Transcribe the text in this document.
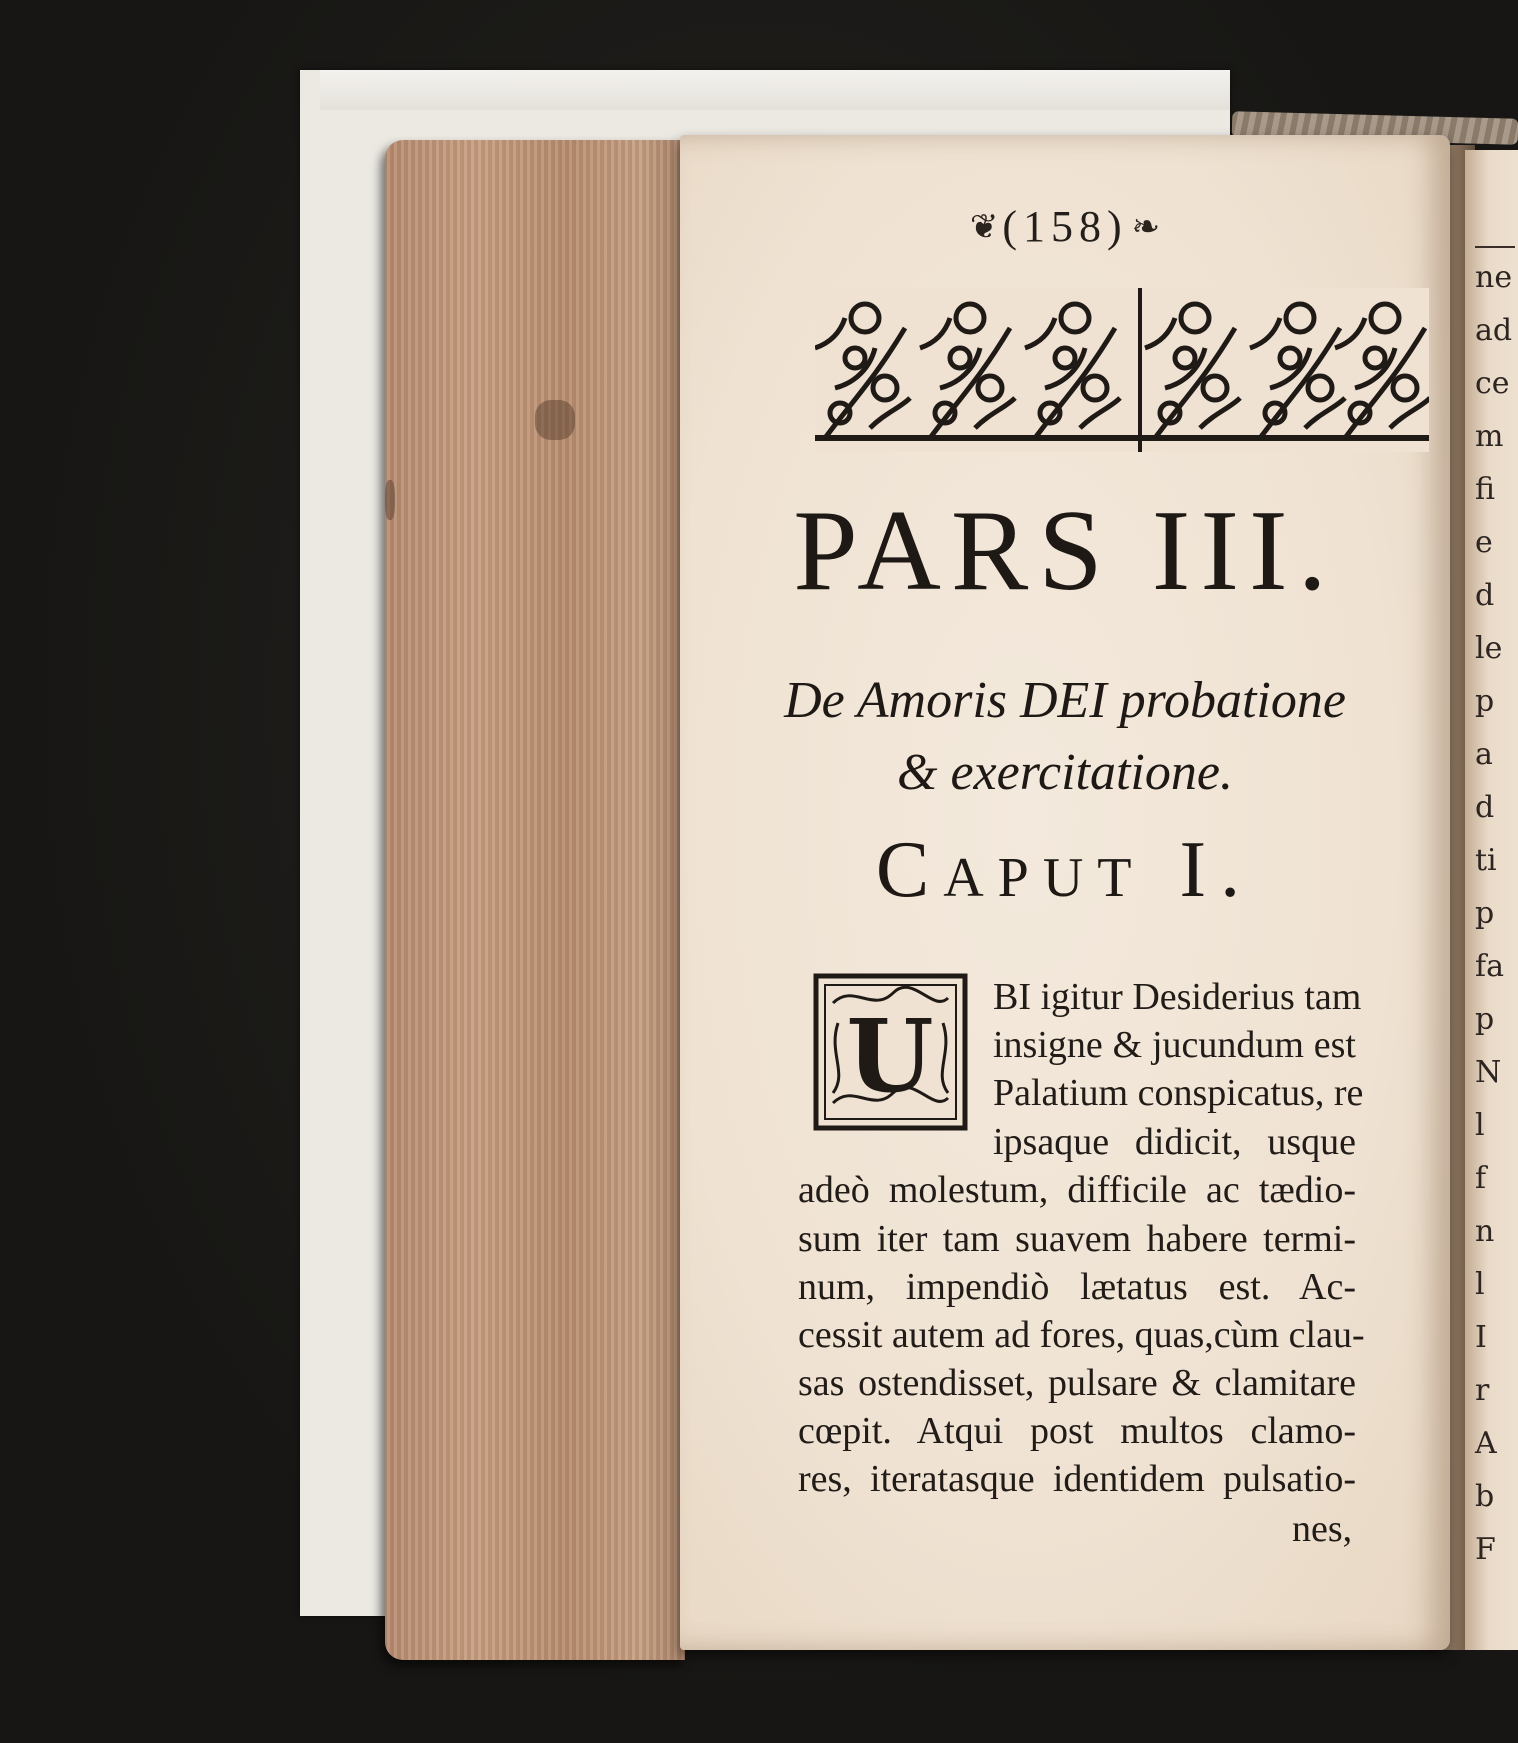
ne
ad
ce
m
fi
e
d
le
p
a
d
ti
p
fa
p
N
l
f
n
l
I
r
A
b
F
❦ (158) ❧
PARS III.
De Amoris DEI probatione
& exercitatione.
Caput I.
U BI igitur Desiderius tam
insigne & jucundum est
Palatium conspicatus, re
ipsaque didicit, usque
adeò molestum, difficile ac tædio-
sum iter tam suavem habere termi-
num, impendiò lætatus est. Ac-
cessit autem ad fores, quas,cùm clau-
sas ostendisset, pulsare & clamitare
cœpit. Atqui post multos clamo-
res, iteratasque identidem pulsatio-
nes,
